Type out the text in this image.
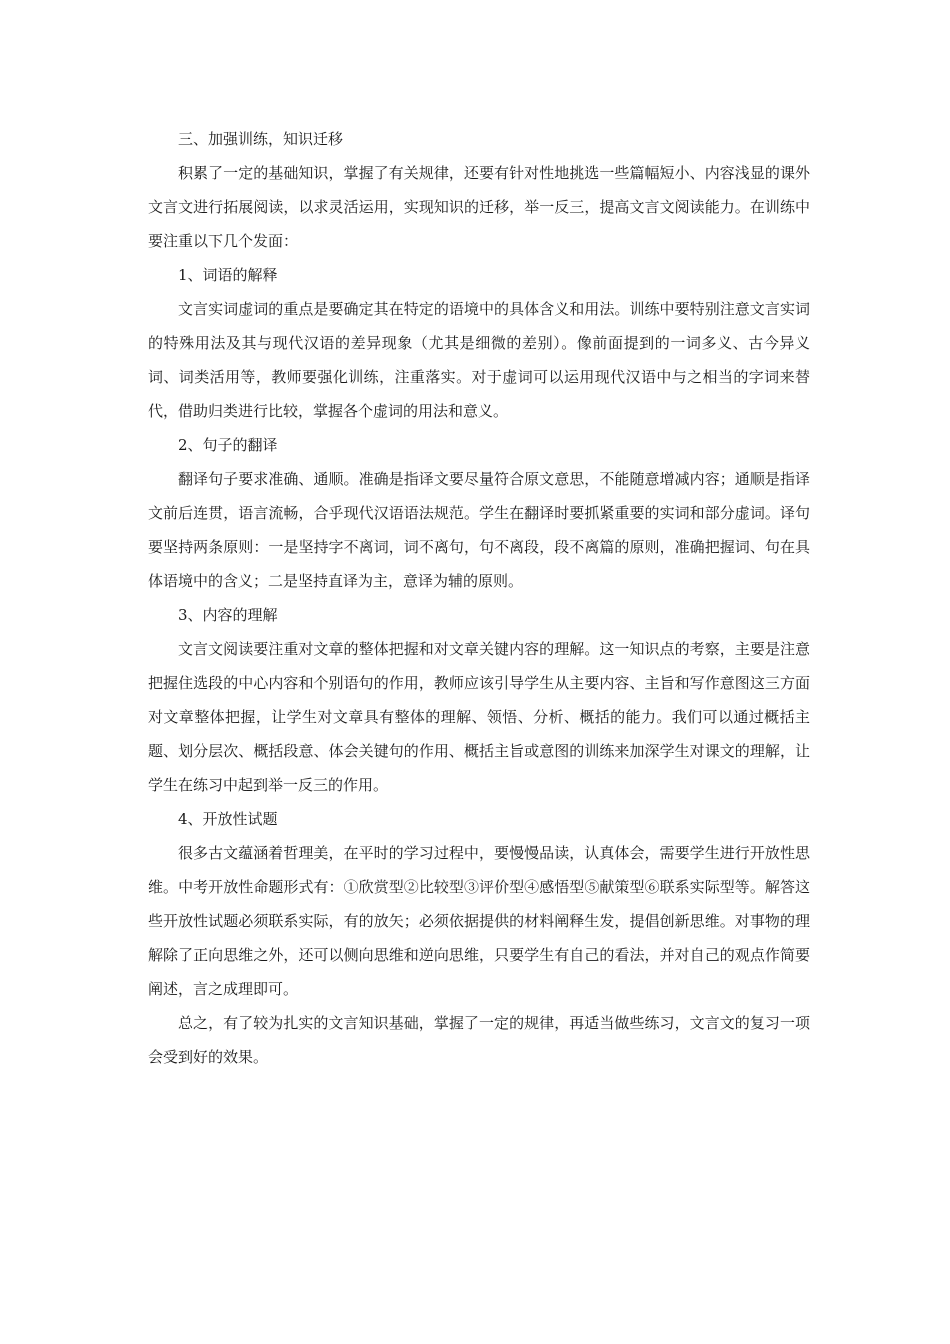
三、加强训练，知识迁移

积累了一定的基础知识，掌握了有关规律，还要有针对性地挑选一些篇幅短小、内容浅显的课外文言文进行拓展阅读，以求灵活运用，实现知识的迁移，举一反三，提高文言文阅读能力。在训练中要注重以下几个发面：

1、词语的解释

文言实词虚词的重点是要确定其在特定的语境中的具体含义和用法。训练中要特别注意文言实词的特殊用法及其与现代汉语的差异现象（尤其是细微的差别）。像前面提到的一词多义、古今异义词、词类活用等，教师要强化训练，注重落实。对于虚词可以运用现代汉语中与之相当的字词来替代，借助归类进行比较，掌握各个虚词的用法和意义。

2、句子的翻译

翻译句子要求准确、通顺。准确是指译文要尽量符合原文意思，不能随意增减内容；通顺是指译文前后连贯，语言流畅，合乎现代汉语语法规范。学生在翻译时要抓紧重要的实词和部分虚词。译句要坚持两条原则：一是坚持字不离词，词不离句，句不离段，段不离篇的原则，准确把握词、句在具体语境中的含义；二是坚持直译为主，意译为辅的原则。

3、内容的理解

文言文阅读要注重对文章的整体把握和对文章关键内容的理解。这一知识点的考察，主要是注意把握住选段的中心内容和个别语句的作用，教师应该引导学生从主要内容、主旨和写作意图这三方面对文章整体把握，让学生对文章具有整体的理解、领悟、分析、概括的能力。我们可以通过概括主题、划分层次、概括段意、体会关键句的作用、概括主旨或意图的训练来加深学生对课文的理解，让学生在练习中起到举一反三的作用。

4、开放性试题

很多古文蕴涵着哲理美，在平时的学习过程中，要慢慢品读，认真体会，需要学生进行开放性思维。中考开放性命题形式有：①欣赏型②比较型③评价型④感悟型⑤献策型⑥联系实际型等。解答这些开放性试题必须联系实际，有的放矢；必须依据提供的材料阐释生发，提倡创新思维。对事物的理解除了正向思维之外，还可以侧向思维和逆向思维，只要学生有自己的看法，并对自己的观点作简要阐述，言之成理即可。

总之，有了较为扎实的文言知识基础，掌握了一定的规律，再适当做些练习，文言文的复习一项会受到好的效果。
